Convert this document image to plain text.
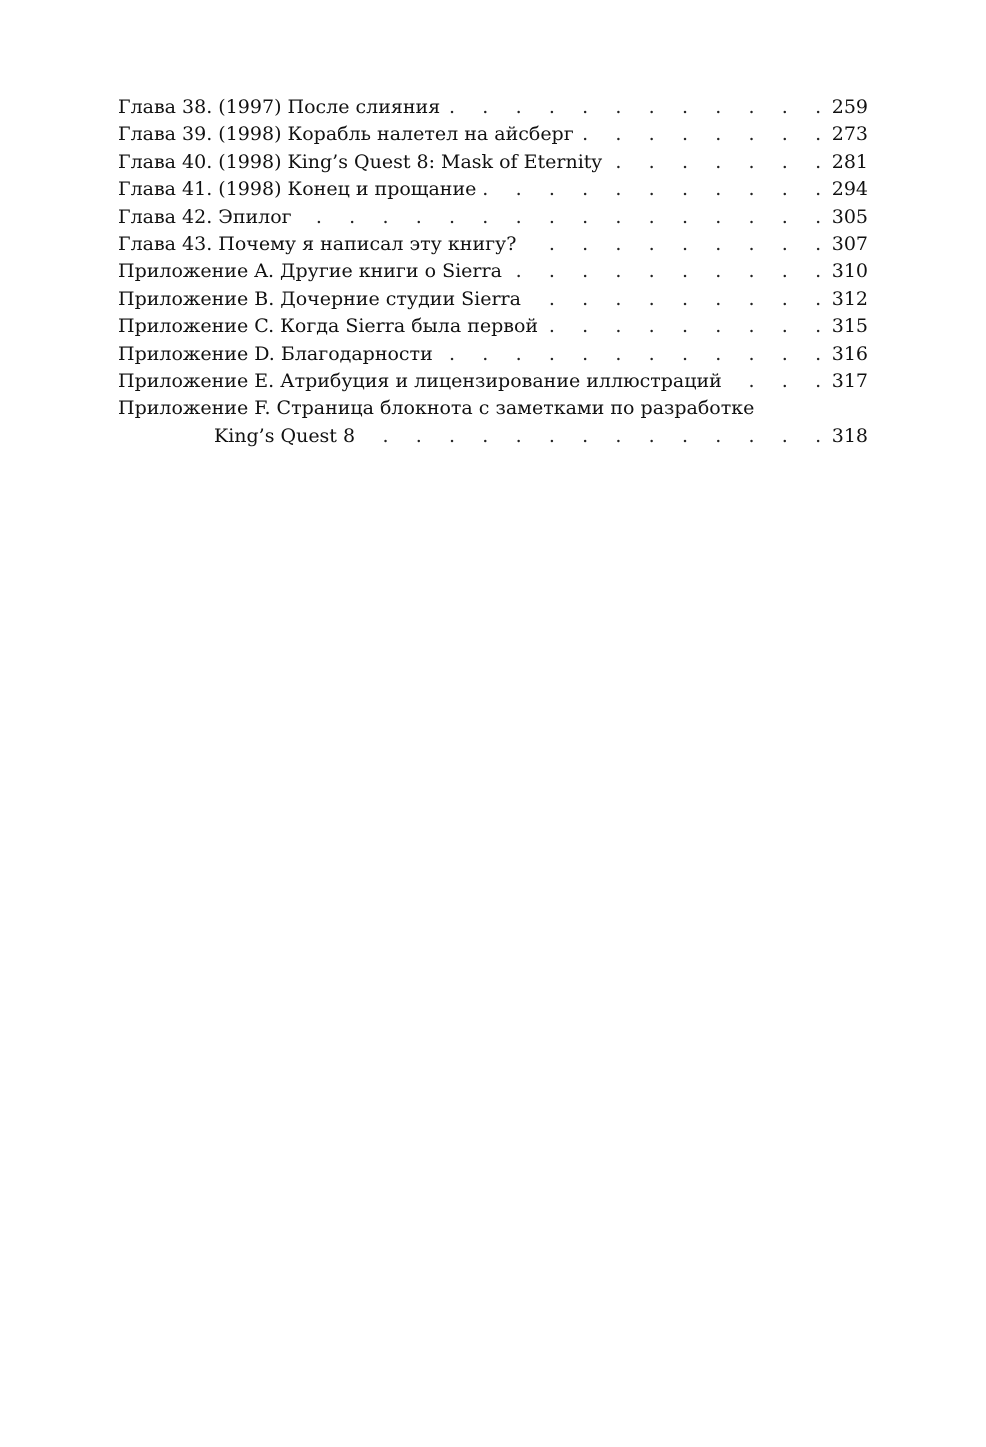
Глава 38. (1997) После слияния . . .	259
Глава 39. (1998) Корабль налетел на айсберг . . .	273
Глава 40. (1998) King’s Quest 8: Mask of Eternity . . .	281
Глава 41. (1998) Конец и прощание . . .	294
Глава 42. Эпилог . . .	305
Глава 43. Почему я написал эту книгу? . . .	307
Приложение A. Другие книги о Sierra . . .	310
Приложение B. Дочерние студии Sierra . . .	312
Приложение C. Когда Sierra была первой . . .	315
Приложение D. Благодарности . . .	316
Приложение E. Атрибуция и лицензирование иллюстраций . . .	317
Приложение F. Страница блокнота с заметками по разработке
King’s Quest 8 . . .	318
